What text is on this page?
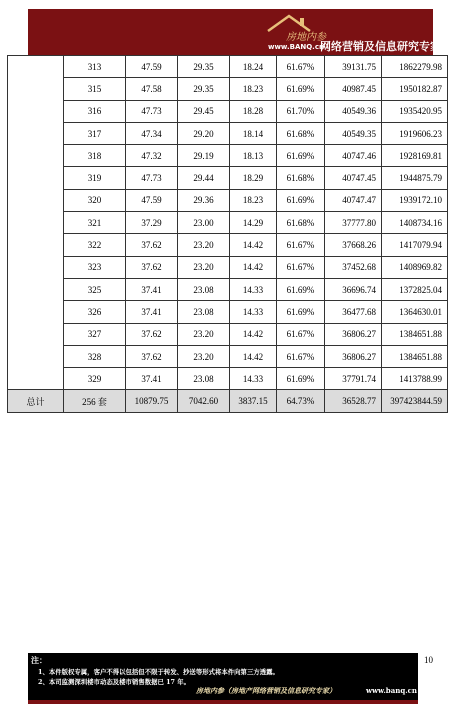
房地内参
www.BANQ.cn
网络营销及信息研究专家
	313	47.59	29.35	18.24	61.67%	39131.75	1862279.98
	315	47.58	29.35	18.23	61.69%	40987.45	1950182.87
	316	47.73	29.45	18.28	61.70%	40549.36	1935420.95
	317	47.34	29.20	18.14	61.68%	40549.35	1919606.23
	318	47.32	29.19	18.13	61.69%	40747.46	1928169.81
	319	47.73	29.44	18.29	61.68%	40747.45	1944875.79
	320	47.59	29.36	18.23	61.69%	40747.47	1939172.10
	321	37.29	23.00	14.29	61.68%	37777.80	1408734.16
	322	37.62	23.20	14.42	61.67%	37668.26	1417079.94
	323	37.62	23.20	14.42	61.67%	37452.68	1408969.82
	325	37.41	23.08	14.33	61.69%	36696.74	1372825.04
	326	37.41	23.08	14.33	61.69%	36477.68	1364630.01
	327	37.62	23.20	14.42	61.67%	36806.27	1384651.88
	328	37.62	23.20	14.42	61.67%	36806.27	1384651.88
	329	37.41	23.08	14.33	61.69%	37791.74	1413788.99
总计	256 套	10879.75	7042.60	3837.15	64.73%	36528.77	397423844.59
10
注：
1、本件版权专属，客户不得以包括但不限于转发、抄送等形式将本件向第三方透露。
2、本司监测深圳楼市动态及楼市销售数据已 17 年。
房地内参（房地产网络营销及信息研究专家）	www.banq.cn
